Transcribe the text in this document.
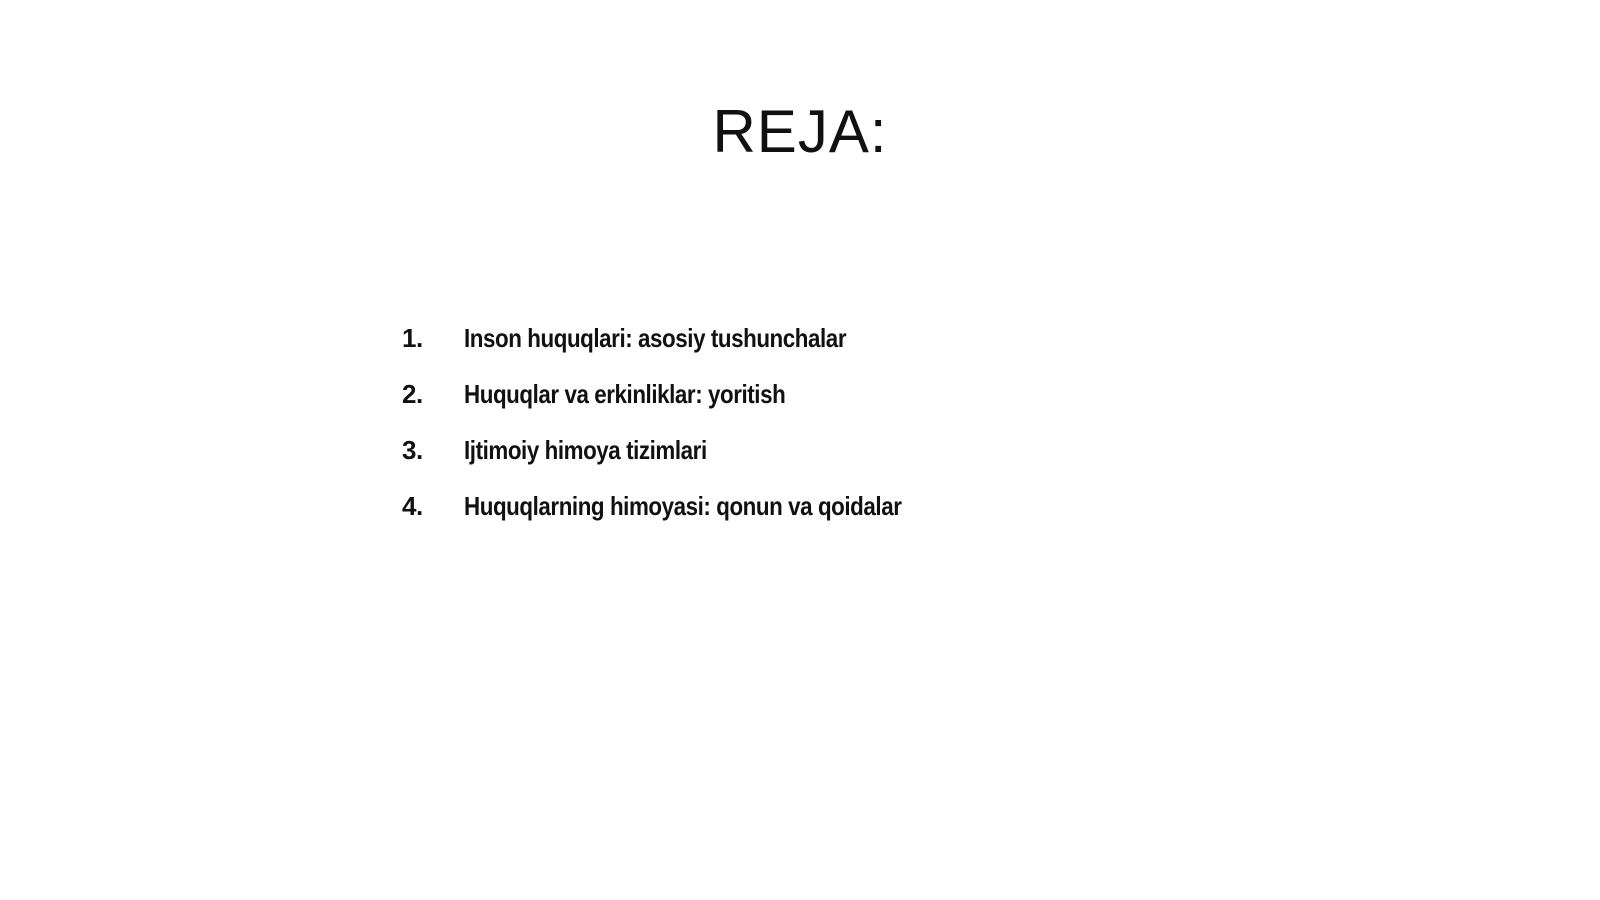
REJA:
1.	Inson huquqlari: asosiy tushunchalar
2.	Huquqlar va erkinliklar: yoritish
3.	Ijtimoiy himoya tizimlari
4.	Huquqlarning himoyasi: qonun va qoidalar
